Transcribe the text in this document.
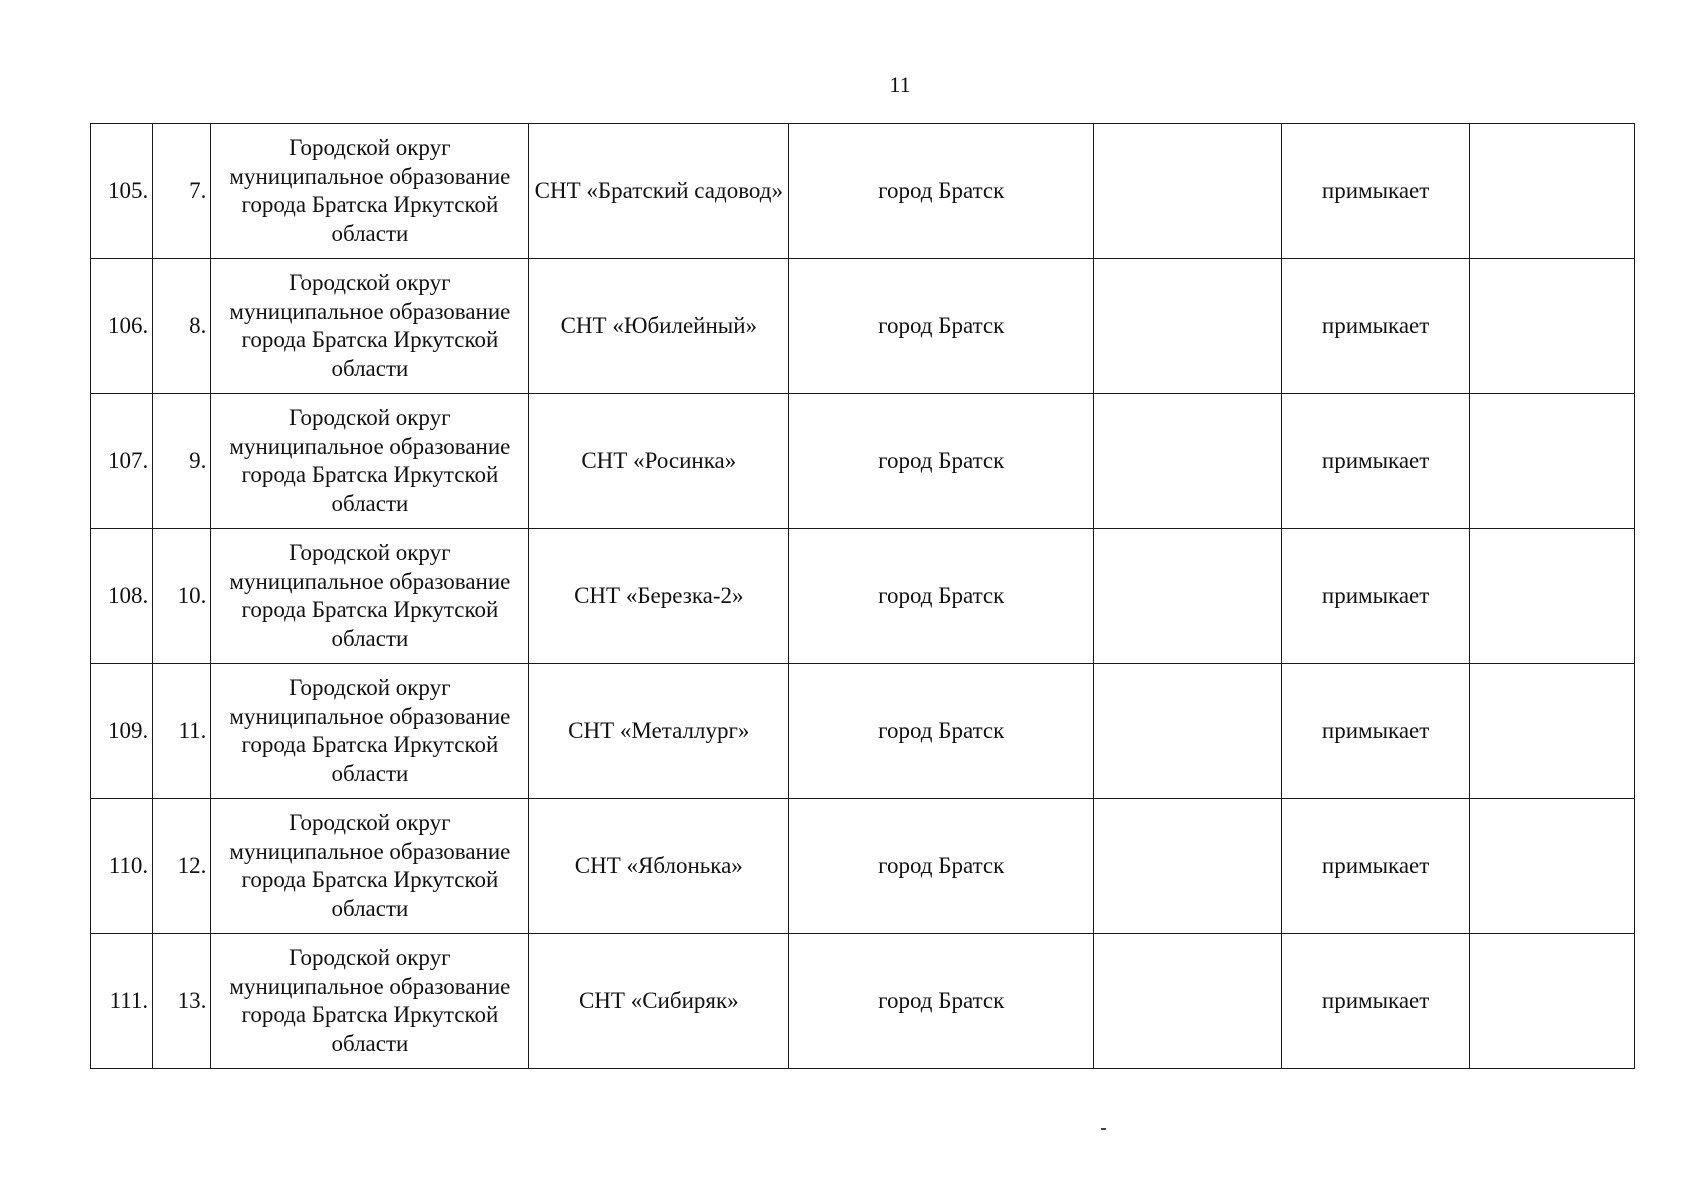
11
105.	7.	Городской округ муниципальное образование города Братска Иркутской области	СНТ «Братский садовод»	город Братск		примыкает	
106.	8.	Городской округ муниципальное образование города Братска Иркутской области	СНТ «Юбилейный»	город Братск		примыкает	
107.	9.	Городской округ муниципальное образование города Братска Иркутской области	СНТ «Росинка»	город Братск		примыкает	
108.	10.	Городской округ муниципальное образование города Братска Иркутской области	СНТ «Березка-2»	город Братск		примыкает	
109.	11.	Городской округ муниципальное образование города Братска Иркутской области	СНТ «Металлург»	город Братск		примыкает	
110.	12.	Городской округ муниципальное образование города Братска Иркутской области	СНТ «Яблонька»	город Братск		примыкает	
111.	13.	Городской округ муниципальное образование города Братска Иркутской области	СНТ «Сибиряк»	город Братск		примыкает	
